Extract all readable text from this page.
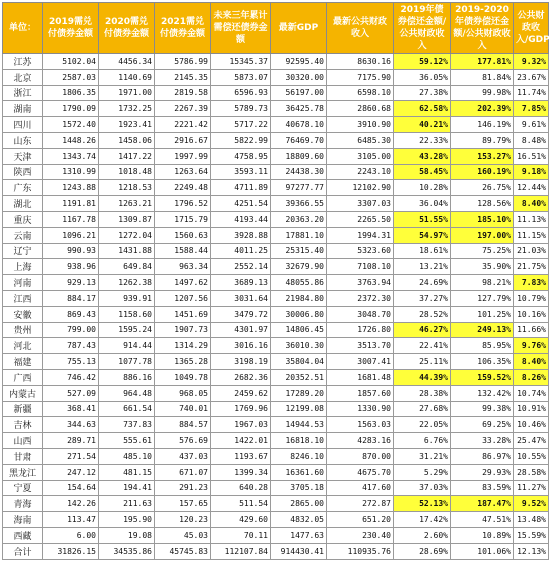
单位：	2019需兑付债券金额	2020需兑付债券金额	2021需兑付债券金额	未来三年累计需偿还债券金额	最新GDP	最新公共财政收入	2019年债券偿还金额/公共财政收入	2019-2020年债券偿还金额/公共财政收入	公共财政收入/GDP
江苏	5102.04	4456.34	5786.99	15345.37	92595.40	8630.16	59.12%	177.81%	9.32%
北京	2587.03	1140.69	2145.35	5873.07	30320.00	7175.90	36.05%	81.84%	23.67%
浙江	1806.35	1971.00	2819.58	6596.93	56197.00	6598.10	27.38%	99.98%	11.74%
湖南	1790.09	1732.25	2267.39	5789.73	36425.78	2860.68	62.58%	202.39%	7.85%
四川	1572.40	1923.41	2221.42	5717.22	40678.10	3910.90	40.21%	146.19%	9.61%
山东	1448.26	1458.06	2916.67	5822.99	76469.70	6485.30	22.33%	89.79%	8.48%
天津	1343.74	1417.22	1997.99	4758.95	18809.60	3105.00	43.28%	153.27%	16.51%
陕西	1310.99	1018.48	1263.64	3593.11	24438.30	2243.10	58.45%	160.19%	9.18%
广东	1243.88	1218.53	2249.48	4711.89	97277.77	12102.90	10.28%	26.75%	12.44%
湖北	1191.81	1263.21	1796.52	4251.54	39366.55	3307.03	36.04%	128.56%	8.40%
重庆	1167.78	1309.87	1715.79	4193.44	20363.20	2265.50	51.55%	185.10%	11.13%
云南	1096.21	1272.04	1560.63	3928.88	17881.10	1994.31	54.97%	197.00%	11.15%
辽宁	990.93	1431.88	1588.44	4011.25	25315.40	5323.60	18.61%	75.25%	21.03%
上海	938.96	649.84	963.34	2552.14	32679.90	7108.10	13.21%	35.90%	21.75%
河南	929.13	1262.38	1497.62	3689.13	48055.86	3763.94	24.69%	98.21%	7.83%
江西	884.17	939.91	1207.56	3031.64	21984.80	2372.30	37.27%	127.79%	10.79%
安徽	869.43	1158.60	1451.69	3479.72	30006.80	3048.70	28.52%	101.25%	10.16%
贵州	799.00	1595.24	1907.73	4301.97	14806.45	1726.80	46.27%	249.13%	11.66%
河北	787.43	914.44	1314.29	3016.16	36010.30	3513.70	22.41%	85.95%	9.76%
福建	755.13	1077.78	1365.28	3198.19	35804.04	3007.41	25.11%	106.35%	8.40%
广西	746.42	886.16	1049.78	2682.36	20352.51	1681.48	44.39%	159.52%	8.26%
内蒙古	527.09	964.48	968.05	2459.62	17289.20	1857.60	28.38%	132.42%	10.74%
新疆	368.41	661.54	740.01	1769.96	12199.08	1330.90	27.68%	99.38%	10.91%
吉林	344.63	737.83	884.57	1967.03	14944.53	1563.03	22.05%	69.25%	10.46%
山西	289.71	555.61	576.69	1422.01	16818.10	4283.16	6.76%	33.28%	25.47%
甘肃	271.54	485.10	437.03	1193.67	8246.10	870.00	31.21%	86.97%	10.55%
黑龙江	247.12	481.15	671.07	1399.34	16361.60	4675.70	5.29%	29.93%	28.58%
宁夏	154.64	194.41	291.23	640.28	3705.18	417.60	37.03%	83.59%	11.27%
青海	142.26	211.63	157.65	511.54	2865.00	272.87	52.13%	187.47%	9.52%
海南	113.47	195.90	120.23	429.60	4832.05	651.20	17.42%	47.51%	13.48%
西藏	6.00	19.08	45.03	70.11	1477.63	230.40	2.60%	10.89%	15.59%
合计	31826.15	34535.86	45745.83	112107.84	914430.41	110935.76	28.69%	101.06%	12.13%
